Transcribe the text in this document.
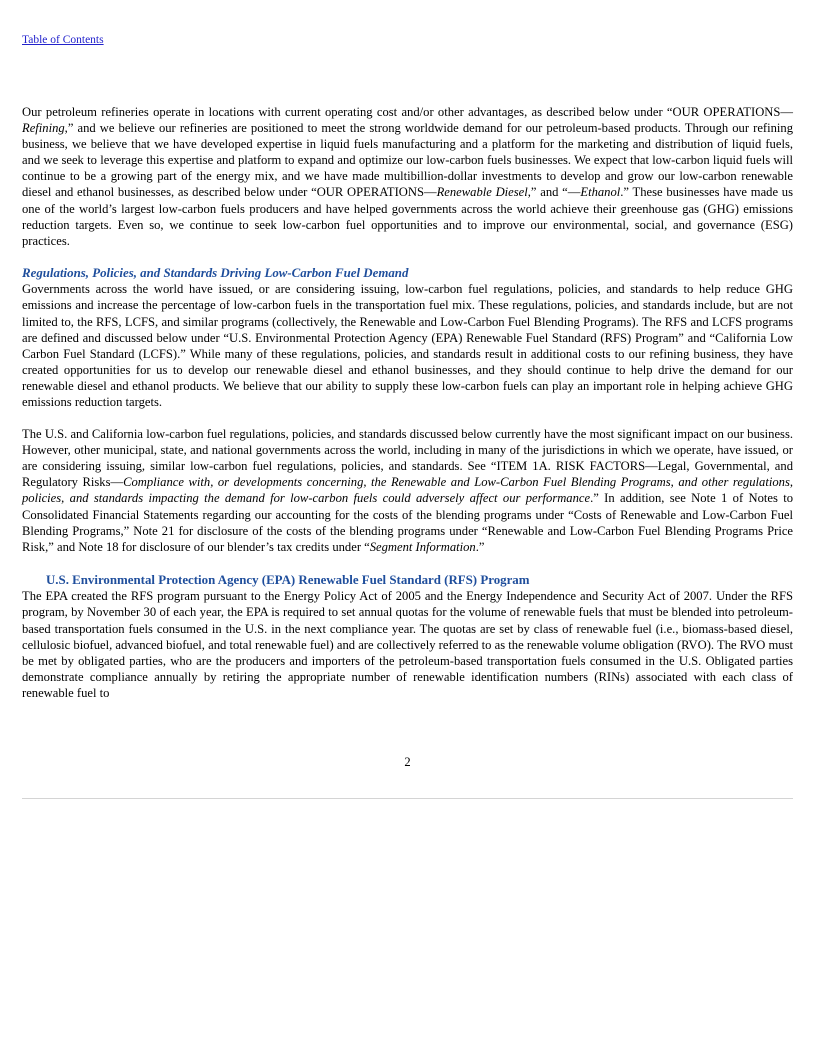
Table of Contents

Our petroleum refineries operate in locations with current operating cost and/or other advantages, as described below under “OUR OPERATIONS—Refining,” and we believe our refineries are positioned to meet the strong worldwide demand for our petroleum-based products. Through our refining business, we believe that we have developed expertise in liquid fuels manufacturing and a platform for the marketing and distribution of liquid fuels, and we seek to leverage this expertise and platform to expand and optimize our low-carbon fuels businesses. We expect that low-carbon liquid fuels will continue to be a growing part of the energy mix, and we have made multibillion-dollar investments to develop and grow our low-carbon renewable diesel and ethanol businesses, as described below under “OUR OPERATIONS—Renewable Diesel,” and “—Ethanol.” These businesses have made us one of the world’s largest low-carbon fuels producers and have helped governments across the world achieve their greenhouse gas (GHG) emissions reduction targets. Even so, we continue to seek low-carbon fuel opportunities and to improve our environmental, social, and governance (ESG) practices.

Regulations, Policies, and Standards Driving Low-Carbon Fuel Demand

Governments across the world have issued, or are considering issuing, low-carbon fuel regulations, policies, and standards to help reduce GHG emissions and increase the percentage of low-carbon fuels in the transportation fuel mix. These regulations, policies, and standards include, but are not limited to, the RFS, LCFS, and similar programs (collectively, the Renewable and Low-Carbon Fuel Blending Programs). The RFS and LCFS programs are defined and discussed below under “U.S. Environmental Protection Agency (EPA) Renewable Fuel Standard (RFS) Program” and “California Low Carbon Fuel Standard (LCFS).” While many of these regulations, policies, and standards result in additional costs to our refining business, they have created opportunities for us to develop our renewable diesel and ethanol businesses, and they should continue to help drive the demand for our renewable diesel and ethanol products. We believe that our ability to supply these low-carbon fuels can play an important role in helping achieve GHG emissions reduction targets.

The U.S. and California low-carbon fuel regulations, policies, and standards discussed below currently have the most significant impact on our business. However, other municipal, state, and national governments across the world, including in many of the jurisdictions in which we operate, have issued, or are considering issuing, similar low-carbon fuel regulations, policies, and standards. See “ITEM 1A. RISK FACTORS—Legal, Governmental, and Regulatory Risks—Compliance with, or developments concerning, the Renewable and Low-Carbon Fuel Blending Programs, and other regulations, policies, and standards impacting the demand for low-carbon fuels could adversely affect our performance.” In addition, see Note 1 of Notes to Consolidated Financial Statements regarding our accounting for the costs of the blending programs under “Costs of Renewable and Low-Carbon Fuel Blending Programs,” Note 21 for disclosure of the costs of the blending programs under “Renewable and Low-Carbon Fuel Blending Programs Price Risk,” and Note 18 for disclosure of our blender’s tax credits under “Segment Information.”

U.S. Environmental Protection Agency (EPA) Renewable Fuel Standard (RFS) Program

The EPA created the RFS program pursuant to the Energy Policy Act of 2005 and the Energy Independence and Security Act of 2007. Under the RFS program, by November 30 of each year, the EPA is required to set annual quotas for the volume of renewable fuels that must be blended into petroleum-based transportation fuels consumed in the U.S. in the next compliance year. The quotas are set by class of renewable fuel (i.e., biomass-based diesel, cellulosic biofuel, advanced biofuel, and total renewable fuel) and are collectively referred to as the renewable volume obligation (RVO). The RVO must be met by obligated parties, who are the producers and importers of the petroleum-based transportation fuels consumed in the U.S. Obligated parties demonstrate compliance annually by retiring the appropriate number of renewable identification numbers (RINs) associated with each class of renewable fuel to

2
